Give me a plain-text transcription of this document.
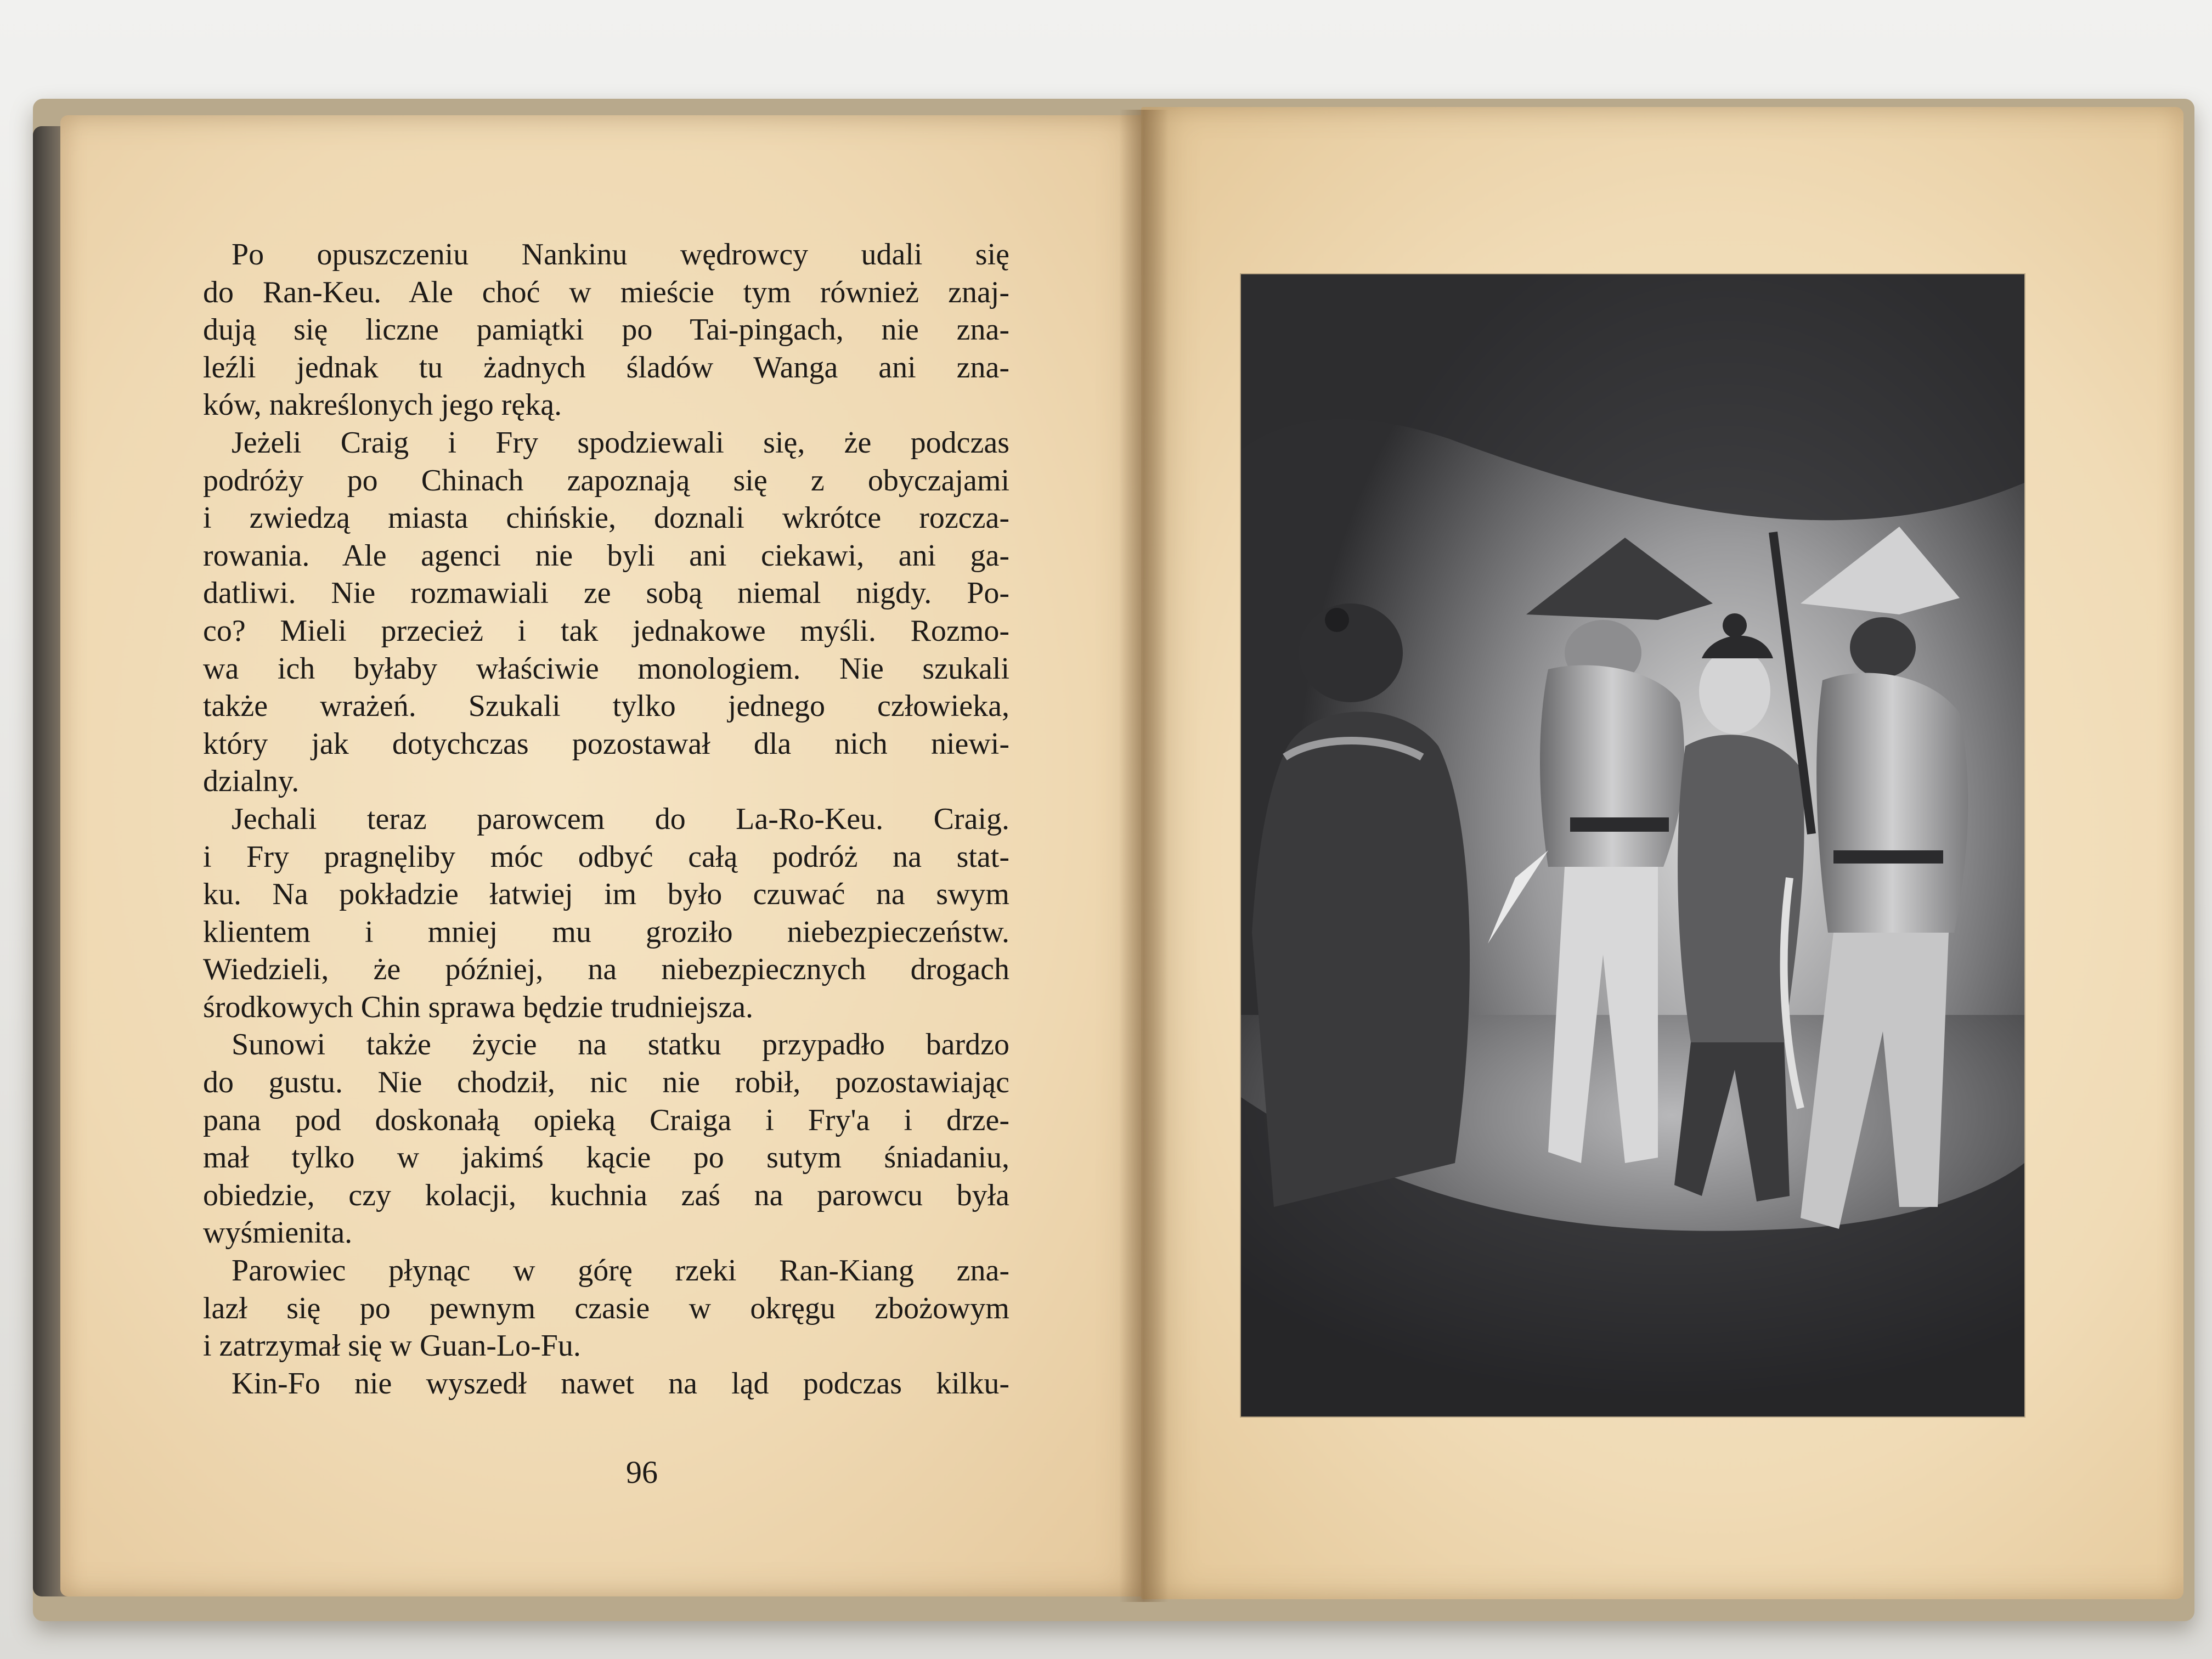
Po opuszczeniu Nankinu wędrowcy udali się
do Ran-Keu. Ale choć w mieście tym również znaj-
dują się liczne pamiątki po Tai-pingach, nie zna-
leźli jednak tu żadnych śladów Wanga ani zna-
ków, nakreślonych jego ręką.
Jeżeli Craig i Fry spodziewali się, że podczas
podróży po Chinach zapoznają się z obyczajami
i zwiedzą miasta chińskie, doznali wkrótce rozcza-
rowania. Ale agenci nie byli ani ciekawi, ani ga-
datliwi. Nie rozmawiali ze sobą niemal nigdy. Po-
co? Mieli przecież i tak jednakowe myśli. Rozmo-
wa ich byłaby właściwie monologiem. Nie szukali
także wrażeń. Szukali tylko jednego człowieka,
który jak dotychczas pozostawał dla nich niewi-
dzialny.
Jechali teraz parowcem do La-Ro-Keu. Craig.
i Fry pragnęliby móc odbyć całą podróż na stat-
ku. Na pokładzie łatwiej im było czuwać na swym
klientem i mniej mu groziło niebezpieczeństw.
Wiedzieli, że później, na niebezpiecznych drogach
środkowych Chin sprawa będzie trudniejsza.
Sunowi także życie na statku przypadło bardzo
do gustu. Nie chodził, nic nie robił, pozostawiając
pana pod doskonałą opieką Craiga i Fry'a i drze-
mał tylko w jakimś kącie po sutym śniadaniu,
obiedzie, czy kolacji, kuchnia zaś na parowcu była
wyśmienita.
Parowiec płynąc w górę rzeki Ran-Kiang zna-
lazł się po pewnym czasie w okręgu zbożowym
i zatrzymał się w Guan-Lo-Fu.
Kin-Fo nie wyszedł nawet na ląd podczas kilku-
96
